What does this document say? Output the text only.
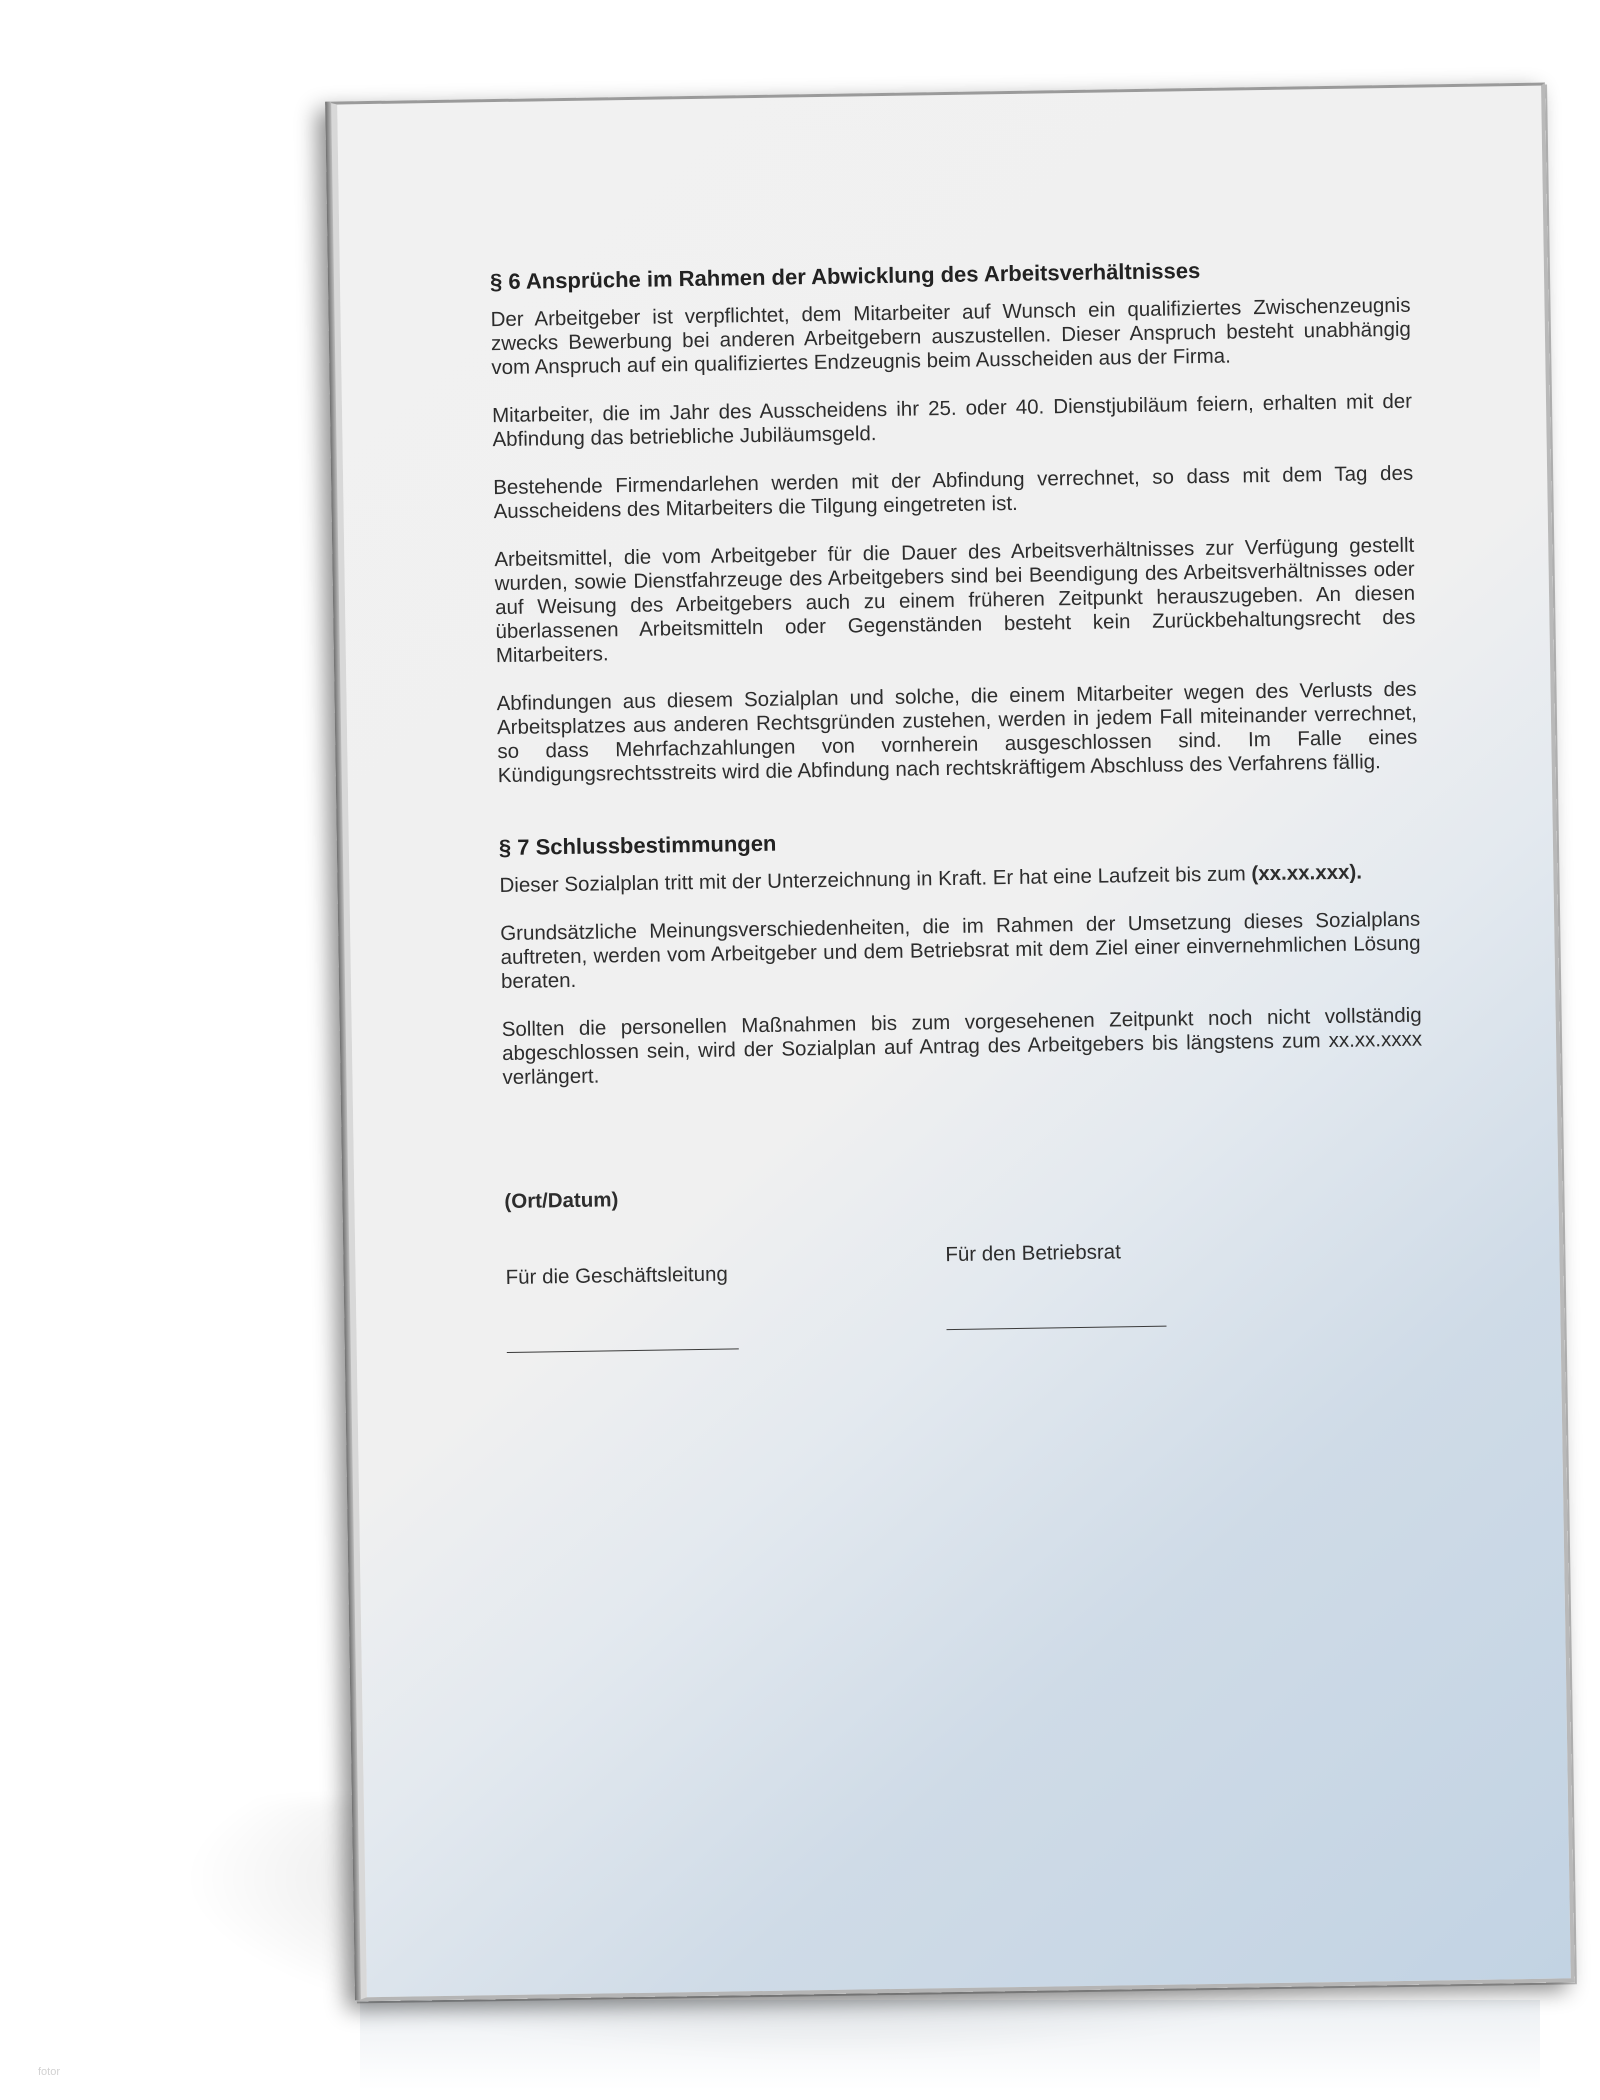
§ 6 Ansprüche im Rahmen der Abwicklung des Arbeitsverhältnisses

Der Arbeitgeber ist verpflichtet, dem Mitarbeiter auf Wunsch ein qualifiziertes Zwischenzeugnis zwecks Bewerbung bei anderen Arbeitgebern auszustellen. Dieser Anspruch besteht unabhängig vom Anspruch auf ein qualifiziertes Endzeugnis beim Ausscheiden aus der Firma.

Mitarbeiter, die im Jahr des Ausscheidens ihr 25. oder 40. Dienstjubiläum feiern, erhalten mit der Abfindung das betriebliche Jubiläumsgeld.

Bestehende Firmendarlehen werden mit der Abfindung verrechnet, so dass mit dem Tag des Ausscheidens des Mitarbeiters die Tilgung eingetreten ist.

Arbeitsmittel, die vom Arbeitgeber für die Dauer des Arbeitsverhältnisses zur Verfügung gestellt wurden, sowie Dienstfahrzeuge des Arbeitgebers sind bei Beendigung des Arbeitsverhältnisses oder auf Weisung des Arbeitgebers auch zu einem früheren Zeitpunkt herauszugeben. An diesen überlassenen Arbeitsmitteln oder Gegenständen besteht kein Zurückbehaltungsrecht des Mitarbeiters.

Abfindungen aus diesem Sozialplan und solche, die einem Mitarbeiter wegen des Verlusts des Arbeitsplatzes aus anderen Rechtsgründen zustehen, werden in jedem Fall miteinander verrechnet, so dass Mehrfachzahlungen von vornherein ausgeschlossen sind. Im Falle eines Kündigungsrechtsstreits wird die Abfindung nach rechtskräftigem Abschluss des Verfahrens fällig.

§ 7 Schlussbestimmungen

Dieser Sozialplan tritt mit der Unterzeichnung in Kraft. Er hat eine Laufzeit bis zum (xx.xx.xxx).

Grundsätzliche Meinungsverschiedenheiten, die im Rahmen der Umsetzung dieses Sozialplans auftreten, werden vom Arbeitgeber und dem Betriebsrat mit dem Ziel einer einvernehmlichen Lösung beraten.

Sollten die personellen Maßnahmen bis zum vorgesehenen Zeitpunkt noch nicht vollständig abgeschlossen sein, wird der Sozialplan auf Antrag des Arbeitgebers bis längstens zum xx.xx.xxxx verlängert.

(Ort/Datum)
Für die Geschäftsleitung
Für den Betriebsrat
fotor
